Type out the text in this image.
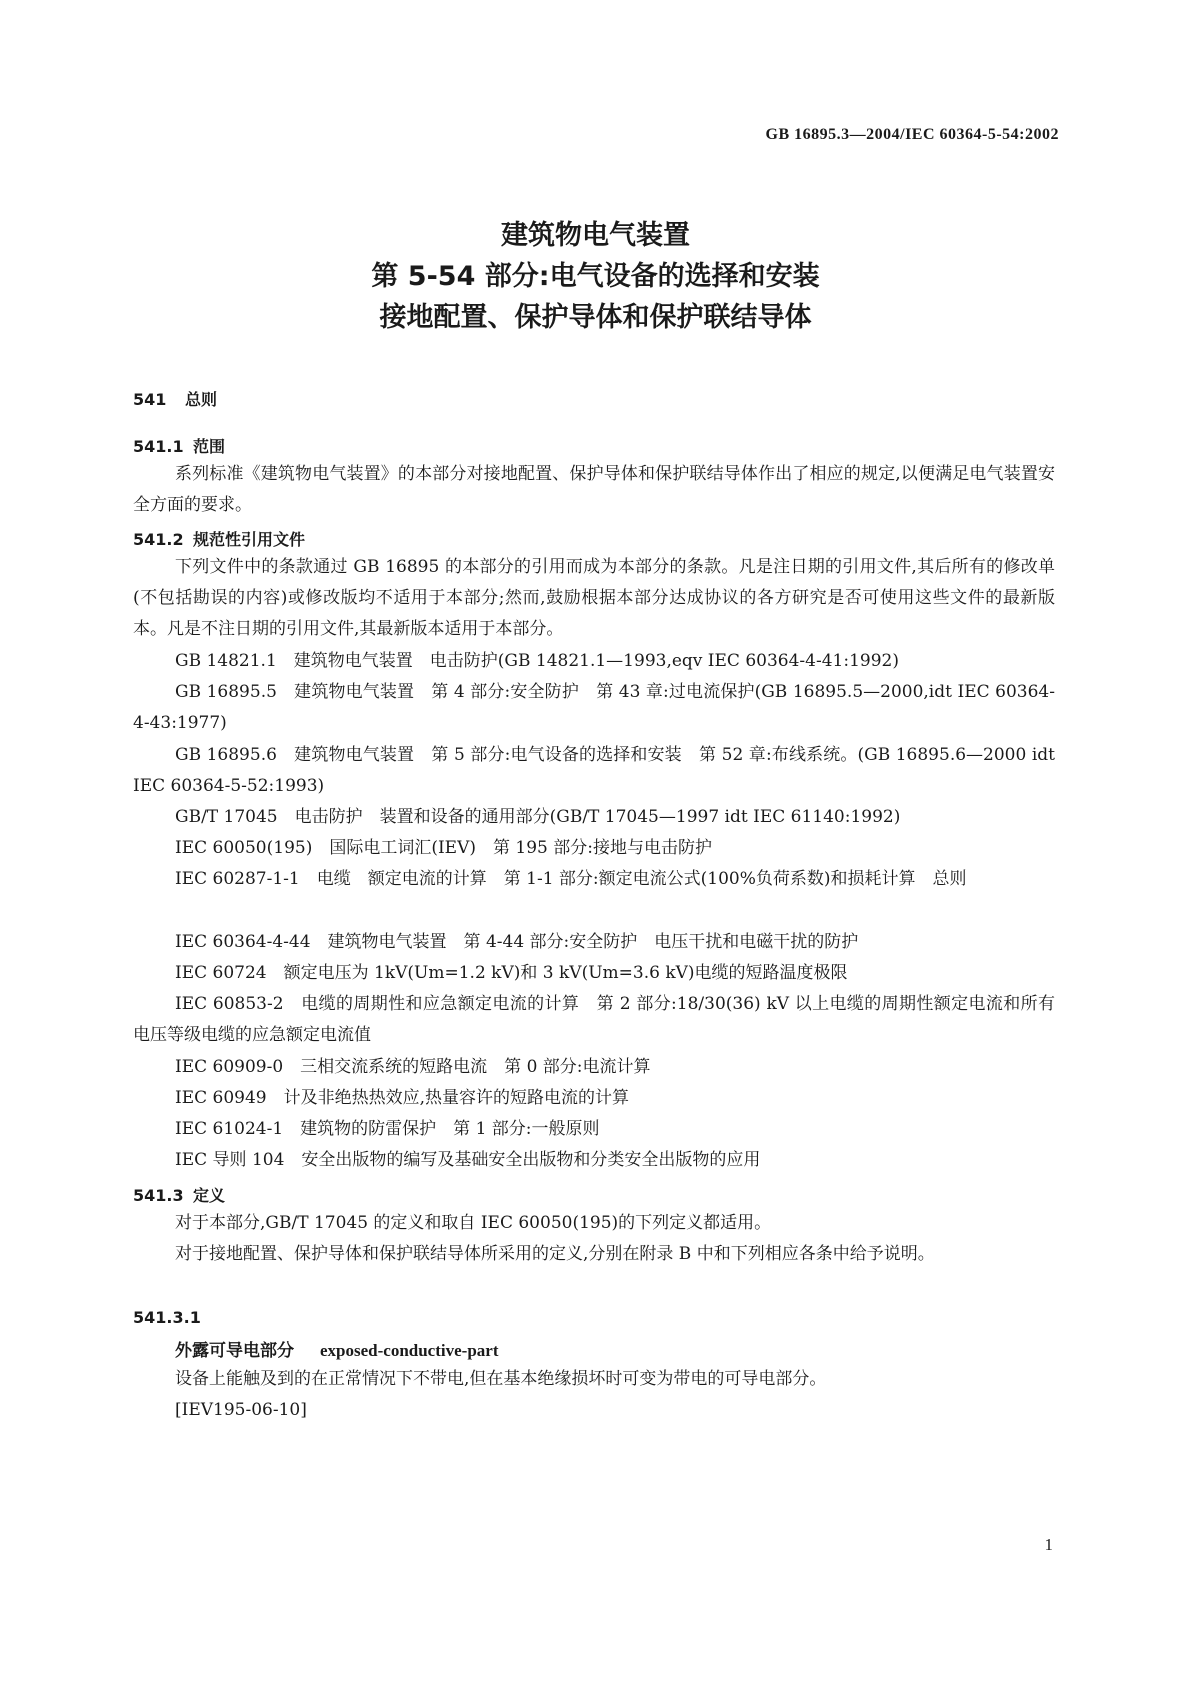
GB 16895.3—2004/IEC 60364-5-54:2002
建筑物电气装置
第 5-54 部分:电气设备的选择和安装
接地配置、保护导体和保护联结导体
541 总则
541.1 范围
系列标准《建筑物电气装置》的本部分对接地配置、保护导体和保护联结导体作出了相应的规定,以便满足电气装置安全方面的要求。
541.2 规范性引用文件
下列文件中的条款通过 GB 16895 的本部分的引用而成为本部分的条款。凡是注日期的引用文件,其后所有的修改单(不包括勘误的内容)或修改版均不适用于本部分;然而,鼓励根据本部分达成协议的各方研究是否可使用这些文件的最新版本。凡是不注日期的引用文件,其最新版本适用于本部分。
GB 14821.1　建筑物电气装置　电击防护(GB 14821.1—1993,eqv IEC 60364-4-41:1992)
GB 16895.5　建筑物电气装置　第 4 部分:安全防护　第 43 章:过电流保护(GB 16895.5—2000,idt IEC 60364-4-43:1977)
GB 16895.6　建筑物电气装置　第 5 部分:电气设备的选择和安装　第 52 章:布线系统。(GB 16895.6—2000 idt IEC 60364-5-52:1993)
GB/T 17045　电击防护　装置和设备的通用部分(GB/T 17045—1997 idt IEC 61140:1992)
IEC 60050(195)　国际电工词汇(IEV)　第 195 部分:接地与电击防护
IEC 60287-1-1　电缆　额定电流的计算　第 1-1 部分:额定电流公式(100%负荷系数)和损耗计算　总则
IEC 60364-4-44　建筑物电气装置　第 4-44 部分:安全防护　电压干扰和电磁干扰的防护
IEC 60724　额定电压为 1kV(Um=1.2 kV)和 3 kV(Um=3.6 kV)电缆的短路温度极限
IEC 60853-2　电缆的周期性和应急额定电流的计算　第 2 部分:18/30(36) kV 以上电缆的周期性额定电流和所有电压等级电缆的应急额定电流值
IEC 60909-0　三相交流系统的短路电流　第 0 部分:电流计算
IEC 60949　计及非绝热热效应,热量容许的短路电流的计算
IEC 61024-1　建筑物的防雷保护　第 1 部分:一般原则
IEC 导则 104　安全出版物的编写及基础安全出版物和分类安全出版物的应用
541.3 定义
对于本部分,GB/T 17045 的定义和取自 IEC 60050(195)的下列定义都适用。
对于接地配置、保护导体和保护联结导体所采用的定义,分别在附录 B 中和下列相应各条中给予说明。
541.3.1
外露可导电部分 exposed-conductive-part
设备上能触及到的在正常情况下不带电,但在基本绝缘损坏时可变为带电的可导电部分。
[IEV195-06-10]
1
